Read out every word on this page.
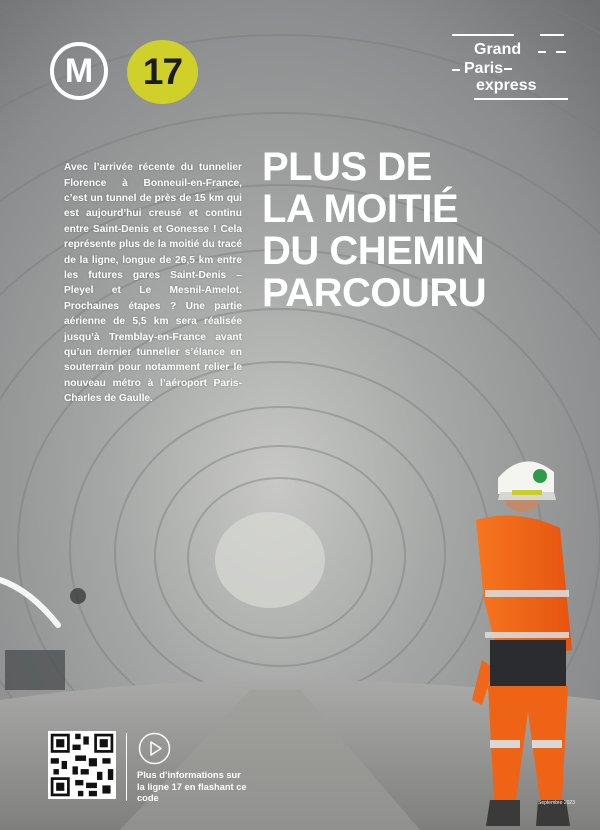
M	17
Grand
Paris
express

Avec l’arrivée récente du tunnelier Florence à Bonneuil-en-France, c’est un tunnel de près de 15 km qui est aujourd’hui creusé et continu entre Saint-Denis et Gonesse ! Cela représente plus de la moitié du tracé de la ligne, longue de 26,5 km entre les futures gares Saint-Denis – Pleyel et Le Mesnil-Amelot. Prochaines étapes ? Une partie aérienne de 5,5 km sera réalisée jusqu’à Tremblay-en-France avant qu’un dernier tunnelier s’élance en souterrain pour notamment relier le nouveau métro à l’aéroport Paris-Charles de Gaulle.

PLUS DE
LA MOITIÉ
DU CHEMIN
PARCOURU
Plus d’informations sur la ligne 17 en flashant ce code	Septembre 2023
